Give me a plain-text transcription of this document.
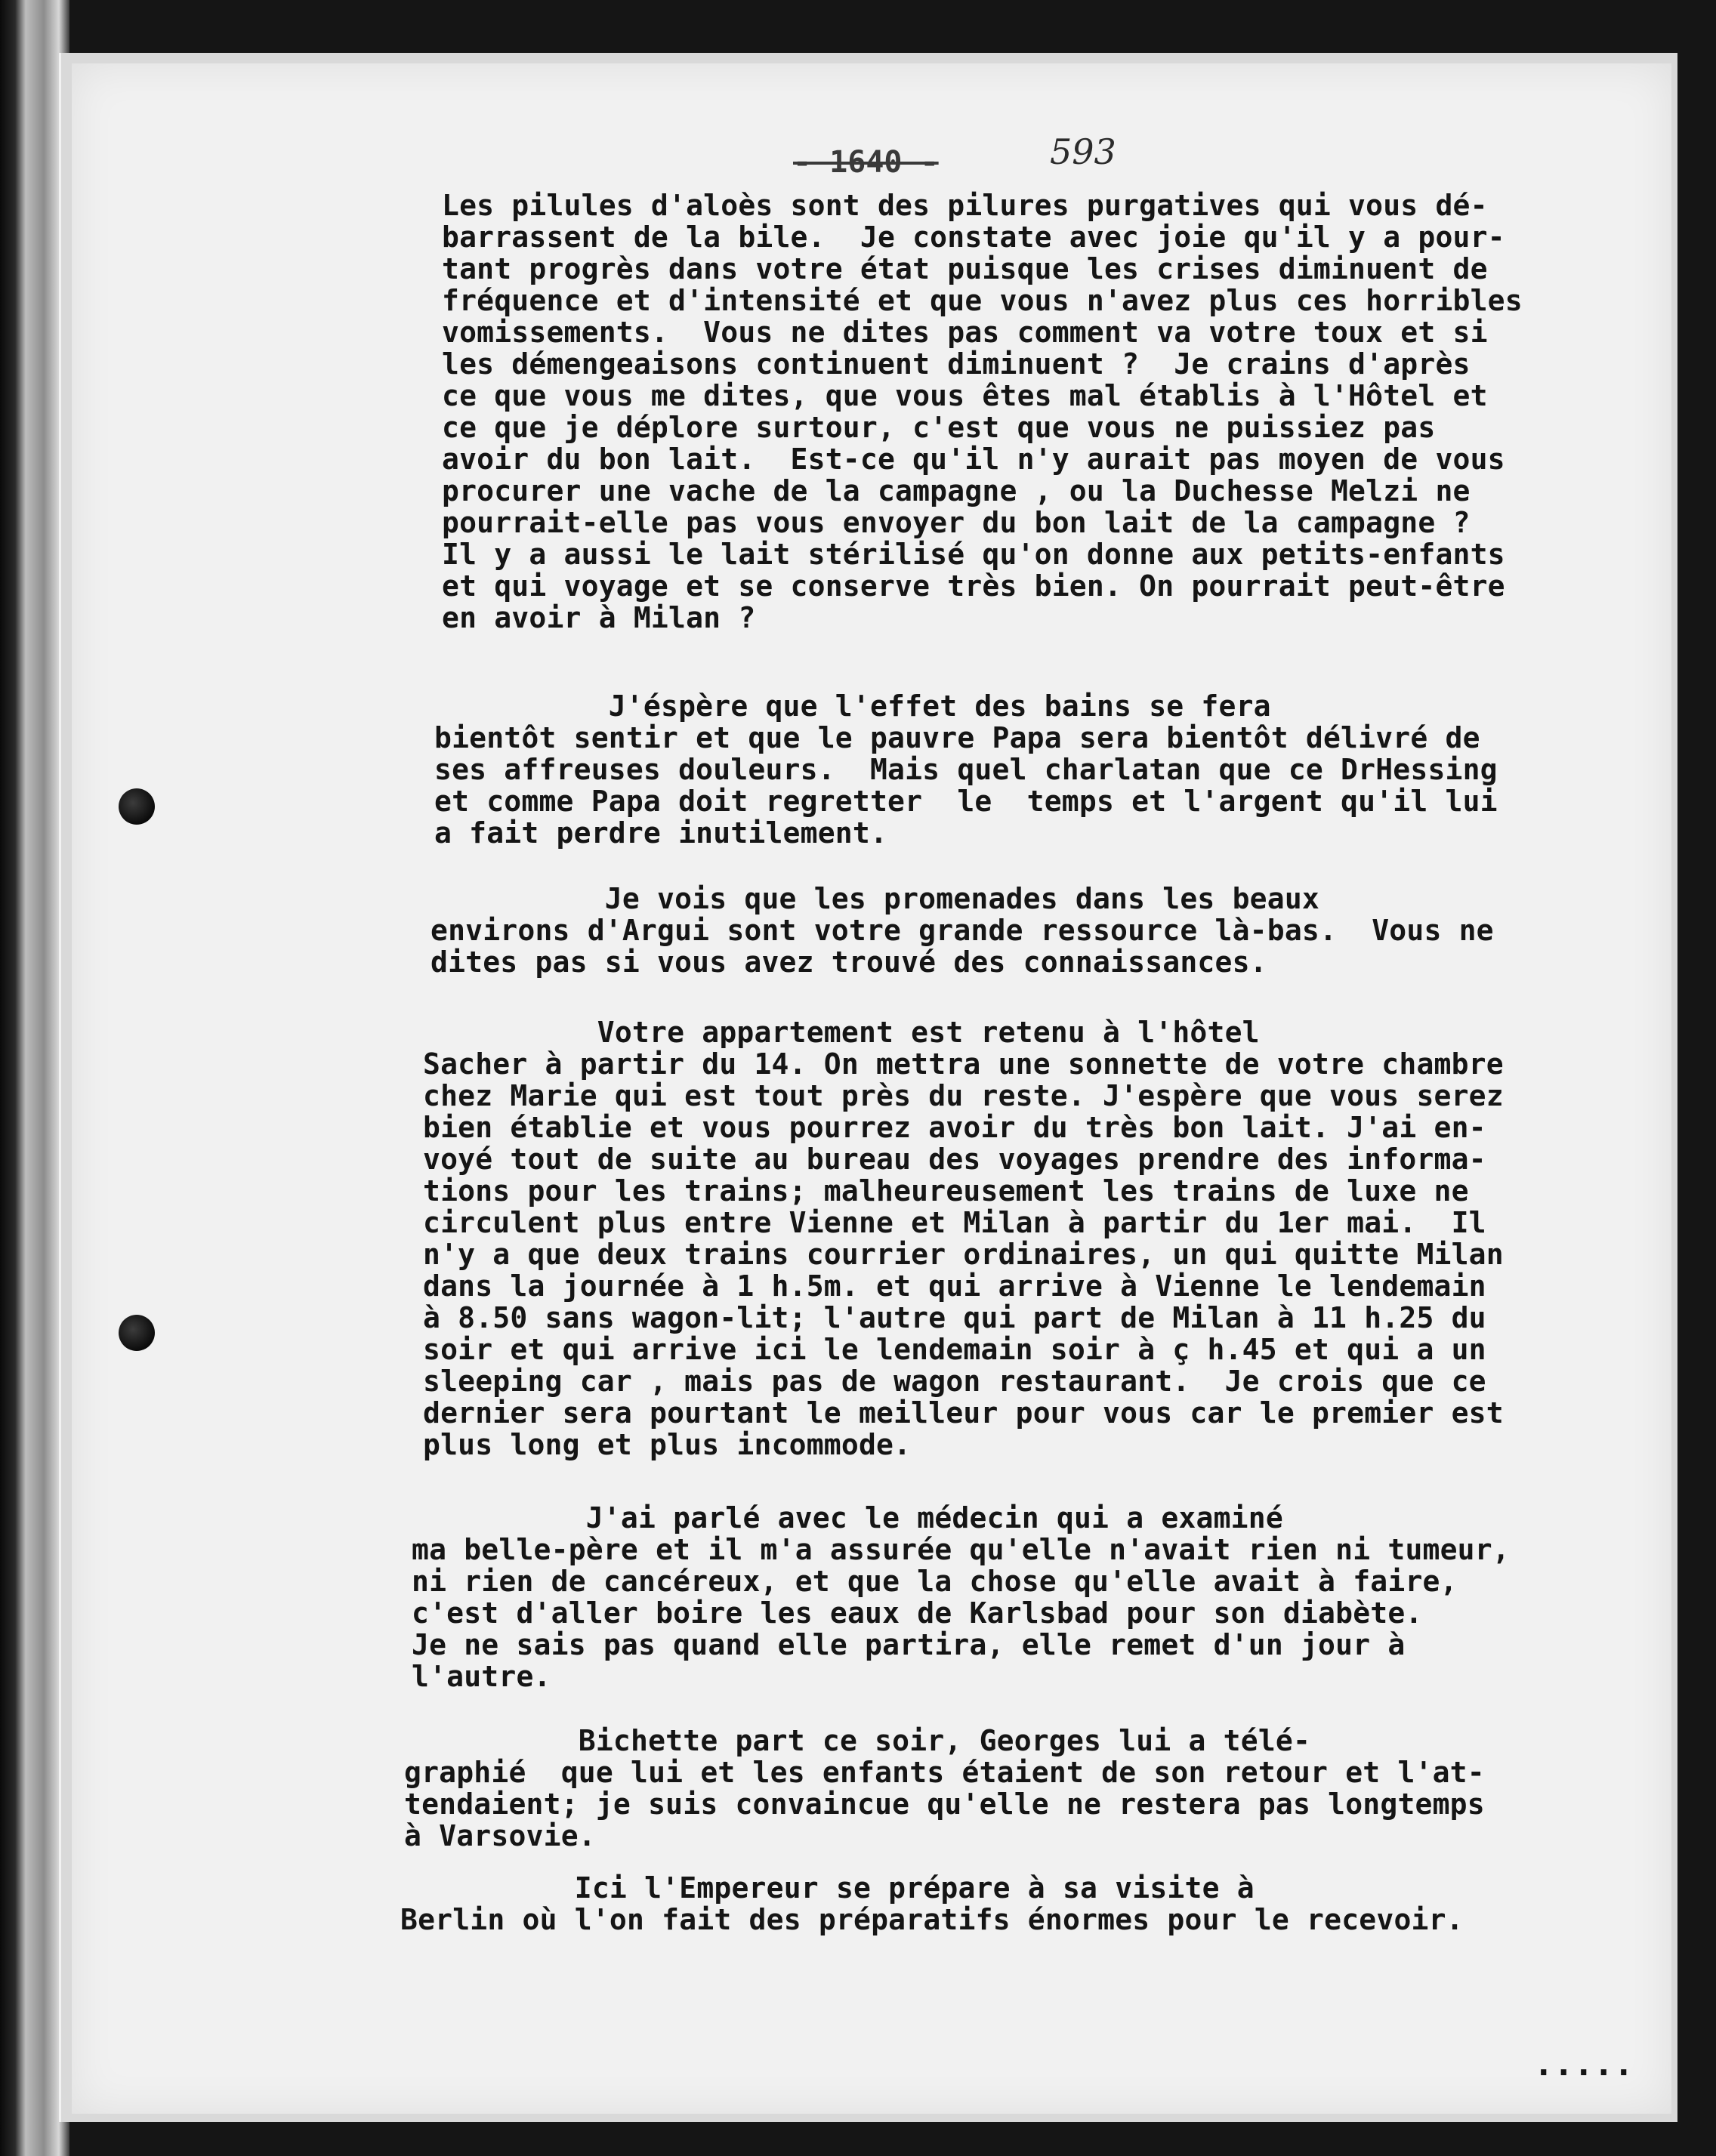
- 1640 -	593
Les pilules d'aloès sont des pilures purgatives qui vous dé-
barrassent de la bile.  Je constate avec joie qu'il y a pour-
tant progrès dans votre état puisque les crises diminuent de
fréquence et d'intensité et que vous n'avez plus ces horribles
vomissements.  Vous ne dites pas comment va votre toux et si
les démengeaisons continuent diminuent ?  Je crains d'après
ce que vous me dites, que vous êtes mal établis à l'Hôtel et
ce que je déplore surtour, c'est que vous ne puissiez pas
avoir du bon lait.  Est-ce qu'il n'y aurait pas moyen de vous
procurer une vache de la campagne , ou la Duchesse Melzi ne
pourrait-elle pas vous envoyer du bon lait de la campagne ?
Il y a aussi le lait stérilisé qu'on donne aux petits-enfants
et qui voyage et se conserve très bien. On pourrait peut-être
en avoir à Milan ?
J'éspère que l'effet des bains se fera
bientôt sentir et que le pauvre Papa sera bientôt délivré de
ses affreuses douleurs.  Mais quel charlatan que ce DrHessing
et comme Papa doit regretter  le  temps et l'argent qu'il lui
a fait perdre inutilement.
Je vois que les promenades dans les beaux
environs d'Argui sont votre grande ressource là-bas.  Vous ne
dites pas si vous avez trouvé des connaissances.
Votre appartement est retenu à l'hôtel
Sacher à partir du 14. On mettra une sonnette de votre chambre
chez Marie qui est tout près du reste. J'espère que vous serez
bien établie et vous pourrez avoir du très bon lait. J'ai en-
voyé tout de suite au bureau des voyages prendre des informa-
tions pour les trains; malheureusement les trains de luxe ne
circulent plus entre Vienne et Milan à partir du 1er mai.  Il
n'y a que deux trains courrier ordinaires, un qui quitte Milan
dans la journée à 1 h.5m. et qui arrive à Vienne le lendemain
à 8.50 sans wagon-lit; l'autre qui part de Milan à 11 h.25 du
soir et qui arrive ici le lendemain soir à ç h.45 et qui a un
sleeping car , mais pas de wagon restaurant.  Je crois que ce
dernier sera pourtant le meilleur pour vous car le premier est
plus long et plus incommode.
J'ai parlé avec le médecin qui a examiné
ma belle-père et il m'a assurée qu'elle n'avait rien ni tumeur,
ni rien de cancéreux, et que la chose qu'elle avait à faire,
c'est d'aller boire les eaux de Karlsbad pour son diabète.
Je ne sais pas quand elle partira, elle remet d'un jour à
l'autre.
Bichette part ce soir, Georges lui a télé-
graphié  que lui et les enfants étaient de son retour et l'at-
tendaient; je suis convaincue qu'elle ne restera pas longtemps
à Varsovie.
Ici l'Empereur se prépare à sa visite à
Berlin où l'on fait des préparatifs énormes pour le recevoir.
.....
